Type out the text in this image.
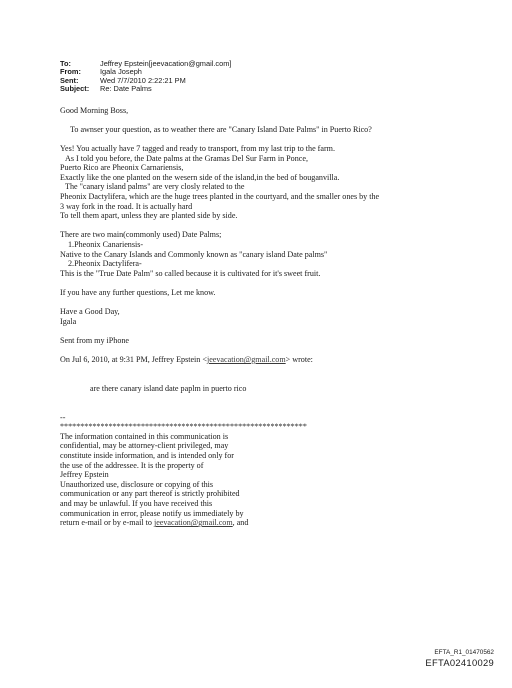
To:	Jeffrey Epstein[jeevacation@gmail.com]
From:	Igala Joseph
Sent:	Wed 7/7/2010 2:22:21 PM
Subject:	Re: Date Palms
Good Morning Boss,
To awnser your question, as to weather there are "Canary Island Date Palms" in Puerto Rico?
Yes! You actually have 7 tagged and ready to transport, from my last trip to the farm.
As I told you before, the Date palms at the Gramas Del Sur Farm in Ponce,
Puerto Rico are Pheonix Carnariensis,
Exactly like the one planted on the wesern side of the island,in the bed of bouganvilla.
The "canary island palms" are very closly related to the
Pheonix Dactylifera, which are the huge trees planted in the courtyard, and the smaller ones by the
3 way fork in the road. It is actually hard
To tell them apart, unless they are planted side by side.
There are two main(commonly used) Date Palms;
1.Pheonix Canariensis-
Native to the Canary Islands and Commonly known as "canary island Date palms"
2.Pheonix Dactylifera-
This is the "True Date Palm" so called because it is cultivated for it's sweet fruit.
If you have any further questions, Let me know.
Have a Good Day,
Igala
Sent from my iPhone
On Jul 6, 2010, at 9:31 PM, Jeffrey Epstein <jeevacation@gmail.com> wrote:
are there canary island date paplm in puerto rico
--
*************************************************************
The information contained in this communication is
confidential, may be attorney-client privileged, may
constitute inside information, and is intended only for
the use of the addressee. It is the property of
Jeffrey Epstein
Unauthorized use, disclosure or copying of this
communication or any part thereof is strictly prohibited
and may be unlawful. If you have received this
communication in error, please notify us immediately by
return e-mail or by e-mail to jeevacation@gmail.com, and
EFTA_R1_01470562
EFTA02410029
